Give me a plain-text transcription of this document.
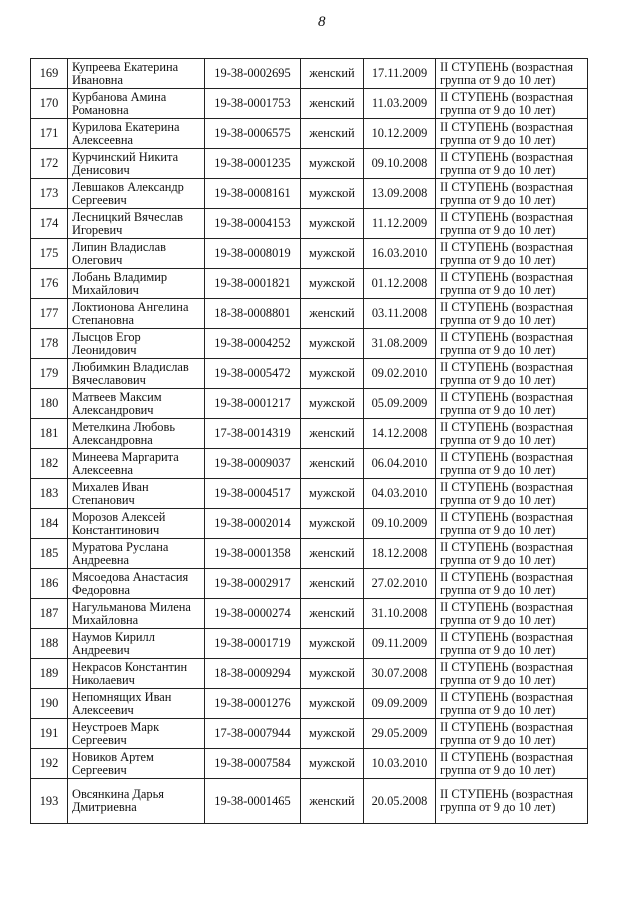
8
169	Купреева Екатерина Ивановна	19-38-0002695	женский	17.11.2009	II СТУПЕНЬ (возрастная группа от 9 до 10 лет)
170	Курбанова Амина Романовна	19-38-0001753	женский	11.03.2009	II СТУПЕНЬ (возрастная группа от 9 до 10 лет)
171	Курилова Екатерина Алексеевна	19-38-0006575	женский	10.12.2009	II СТУПЕНЬ (возрастная группа от 9 до 10 лет)
172	Курчинский Никита Денисович	19-38-0001235	мужской	09.10.2008	II СТУПЕНЬ (возрастная группа от 9 до 10 лет)
173	Левшаков Александр Сергеевич	19-38-0008161	мужской	13.09.2008	II СТУПЕНЬ (возрастная группа от 9 до 10 лет)
174	Лесницкий Вячеслав Игоревич	19-38-0004153	мужской	11.12.2009	II СТУПЕНЬ (возрастная группа от 9 до 10 лет)
175	Липин Владислав Олегович	19-38-0008019	мужской	16.03.2010	II СТУПЕНЬ (возрастная группа от 9 до 10 лет)
176	Лобань Владимир Михайлович	19-38-0001821	мужской	01.12.2008	II СТУПЕНЬ (возрастная группа от 9 до 10 лет)
177	Локтионова Ангелина Степановна	18-38-0008801	женский	03.11.2008	II СТУПЕНЬ (возрастная группа от 9 до 10 лет)
178	Лысцов Егор Леонидович	19-38-0004252	мужской	31.08.2009	II СТУПЕНЬ (возрастная группа от 9 до 10 лет)
179	Любимкин Владислав Вячеславович	19-38-0005472	мужской	09.02.2010	II СТУПЕНЬ (возрастная группа от 9 до 10 лет)
180	Матвеев Максим Александрович	19-38-0001217	мужской	05.09.2009	II СТУПЕНЬ (возрастная группа от 9 до 10 лет)
181	Метелкина Любовь Александровна	17-38-0014319	женский	14.12.2008	II СТУПЕНЬ (возрастная группа от 9 до 10 лет)
182	Минеева Маргарита Алексеевна	19-38-0009037	женский	06.04.2010	II СТУПЕНЬ (возрастная группа от 9 до 10 лет)
183	Михалев Иван Степанович	19-38-0004517	мужской	04.03.2010	II СТУПЕНЬ (возрастная группа от 9 до 10 лет)
184	Морозов Алексей Константинович	19-38-0002014	мужской	09.10.2009	II СТУПЕНЬ (возрастная группа от 9 до 10 лет)
185	Муратова Руслана Андреевна	19-38-0001358	женский	18.12.2008	II СТУПЕНЬ (возрастная группа от 9 до 10 лет)
186	Мясоедова Анастасия Федоровна	19-38-0002917	женский	27.02.2010	II СТУПЕНЬ (возрастная группа от 9 до 10 лет)
187	Нагульманова Милена Михайловна	19-38-0000274	женский	31.10.2008	II СТУПЕНЬ (возрастная группа от 9 до 10 лет)
188	Наумов Кирилл Андреевич	19-38-0001719	мужской	09.11.2009	II СТУПЕНЬ (возрастная группа от 9 до 10 лет)
189	Некрасов Константин Николаевич	18-38-0009294	мужской	30.07.2008	II СТУПЕНЬ (возрастная группа от 9 до 10 лет)
190	Непомнящих Иван Алексеевич	19-38-0001276	мужской	09.09.2009	II СТУПЕНЬ (возрастная группа от 9 до 10 лет)
191	Неустроев Марк Сергеевич	17-38-0007944	мужской	29.05.2009	II СТУПЕНЬ (возрастная группа от 9 до 10 лет)
192	Новиков Артем Сергеевич	19-38-0007584	мужской	10.03.2010	II СТУПЕНЬ (возрастная группа от 9 до 10 лет)
193	Овсянкина Дарья Дмитриевна	19-38-0001465	женский	20.05.2008	II СТУПЕНЬ (возрастная группа от 9 до 10 лет)
